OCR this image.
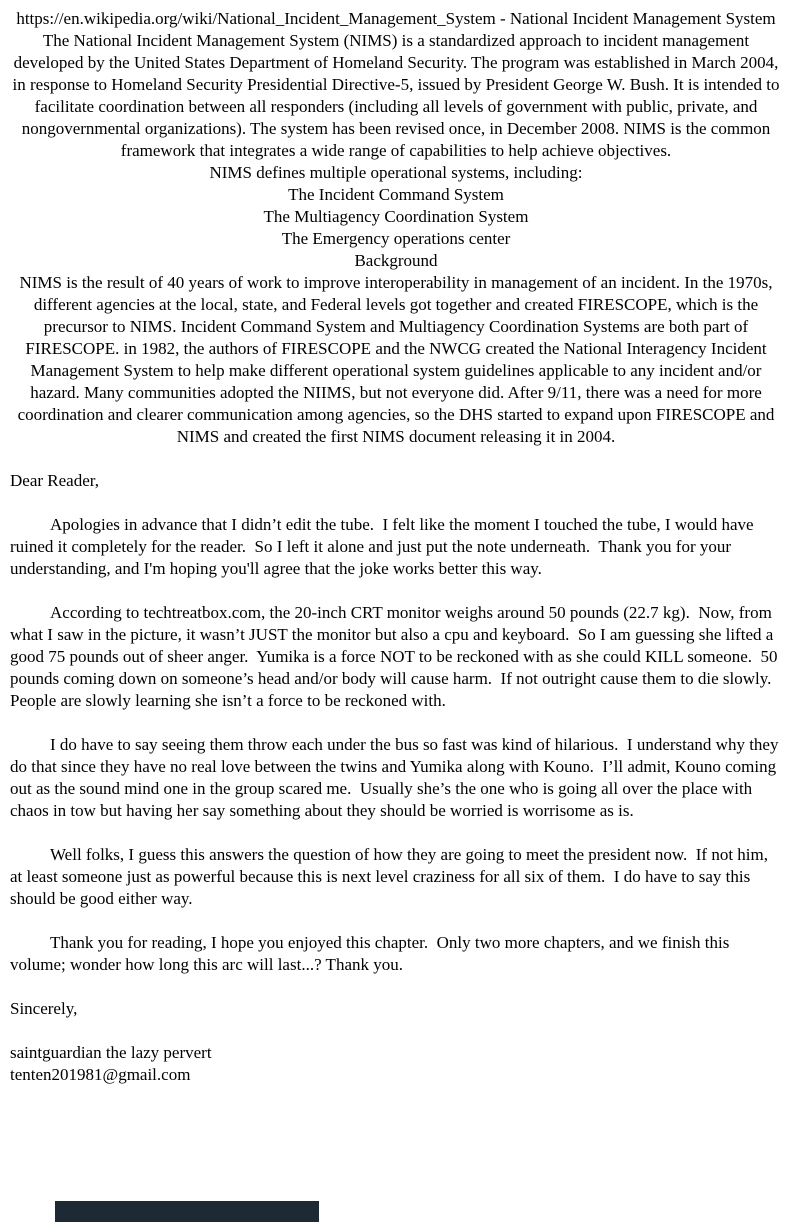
https://en.wikipedia.org/wiki/National_Incident_Management_System - National Incident Management System

The National Incident Management System (NIMS) is a standardized approach to incident management developed by the United States Department of Homeland Security. The program was established in March 2004, in response to Homeland Security Presidential Directive-5, issued by President George W. Bush. It is intended to facilitate coordination between all responders (including all levels of government with public, private, and nongovernmental organizations). The system has been revised once, in December 2008. NIMS is the common framework that integrates a wide range of capabilities to help achieve objectives.

NIMS defines multiple operational systems, including:

The Incident Command System

The Multiagency Coordination System

The Emergency operations center

Background

NIMS is the result of 40 years of work to improve interoperability in management of an incident. In the 1970s, different agencies at the local, state, and Federal levels got together and created FIRESCOPE, which is the precursor to NIMS. Incident Command System and Multiagency Coordination Systems are both part of FIRESCOPE. in 1982, the authors of FIRESCOPE and the NWCG created the National Interagency Incident Management System to help make different operational system guidelines applicable to any incident and/or hazard. Many communities adopted the NIIMS, but not everyone did. After 9/11, there was a need for more coordination and clearer communication among agencies, so the DHS started to expand upon FIRESCOPE and NIMS and created the first NIMS document releasing it in 2004.

Dear Reader,

Apologies in advance that I didn’t edit the tube.  I felt like the moment I touched the tube, I would have ruined it completely for the reader.  So I left it alone and just put the note underneath.  Thank you for your understanding, and I'm hoping you'll agree that the joke works better this way.

According to techtreatbox.com, the 20-inch CRT monitor weighs around 50 pounds (22.7 kg).  Now, from what I saw in the picture, it wasn’t JUST the monitor but also a cpu and keyboard.  So I am guessing she lifted a good 75 pounds out of sheer anger.  Yumika is a force NOT to be reckoned with as she could KILL someone.  50 pounds coming down on someone’s head and/or body will cause harm.  If not outright cause them to die slowly.  People are slowly learning she isn’t a force to be reckoned with.

I do have to say seeing them throw each under the bus so fast was kind of hilarious.  I understand why they do that since they have no real love between the twins and Yumika along with Kouno.  I’ll admit, Kouno coming out as the sound mind one in the group scared me.  Usually she’s the one who is going all over the place with chaos in tow but having her say something about they should be worried is worrisome as is.

Well folks, I guess this answers the question of how they are going to meet the president now.  If not him, at least someone just as powerful because this is next level craziness for all six of them.  I do have to say this should be good either way.

Thank you for reading, I hope you enjoyed this chapter.  Only two more chapters, and we finish this volume; wonder how long this arc will last...? Thank you.

Sincerely,

saintguardian the lazy pervert
tenten201981@gmail.com
